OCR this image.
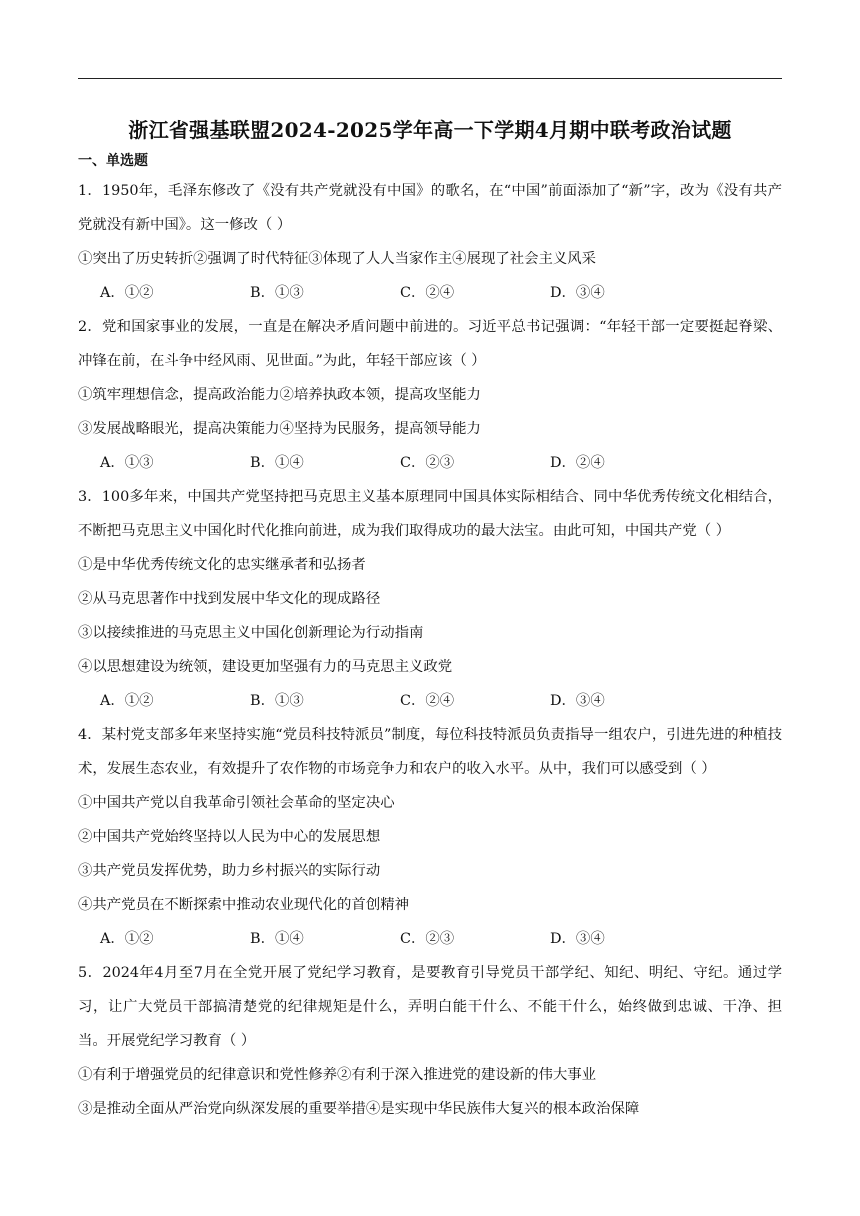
浙江省强基联盟2024-2025学年高一下学期4月期中联考政治试题
一、单选题

1．1950年，毛泽东修改了《没有共产党就没有中国》的歌名，在“中国”前面添加了“新”字，改为《没有共产党就没有新中国》。这一修改（ ）

①突出了历史转折②强调了时代特征③体现了人人当家作主④展现了社会主义风采

A．①②	B．①③	C．②④	D．③④

2．党和国家事业的发展，一直是在解决矛盾问题中前进的。习近平总书记强调：“年轻干部一定要挺起脊梁、冲锋在前，在斗争中经风雨、见世面。”为此，年轻干部应该（ ）

①筑牢理想信念，提高政治能力②培养执政本领，提高攻坚能力

③发展战略眼光，提高决策能力④坚持为民服务，提高领导能力

A．①③	B．①④	C．②③	D．②④

3．100多年来，中国共产党坚持把马克思主义基本原理同中国具体实际相结合、同中华优秀传统文化相结合，不断把马克思主义中国化时代化推向前进，成为我们取得成功的最大法宝。由此可知，中国共产党（ ）

①是中华优秀传统文化的忠实继承者和弘扬者

②从马克思著作中找到发展中华文化的现成路径

③以接续推进的马克思主义中国化创新理论为行动指南

④以思想建设为统领，建设更加坚强有力的马克思主义政党

A．①②	B．①③	C．②④	D．③④

4．某村党支部多年来坚持实施“党员科技特派员”制度，每位科技特派员负责指导一组农户，引进先进的种植技术，发展生态农业，有效提升了农作物的市场竞争力和农户的收入水平。从中，我们可以感受到（ ）

①中国共产党以自我革命引领社会革命的坚定决心

②中国共产党始终坚持以人民为中心的发展思想

③共产党员发挥优势，助力乡村振兴的实际行动

④共产党员在不断探索中推动农业现代化的首创精神

A．①②	B．①④	C．②③	D．③④

5．2024年4月至7月在全党开展了党纪学习教育，是要教育引导党员干部学纪、知纪、明纪、守纪。通过学习，让广大党员干部搞清楚党的纪律规矩是什么，弄明白能干什么、不能干什么，始终做到忠诚、干净、担当。开展党纪学习教育（ ）

①有利于增强党员的纪律意识和党性修养②有利于深入推进党的建设新的伟大事业

③是推动全面从严治党向纵深发展的重要举措④是实现中华民族伟大复兴的根本政治保障
